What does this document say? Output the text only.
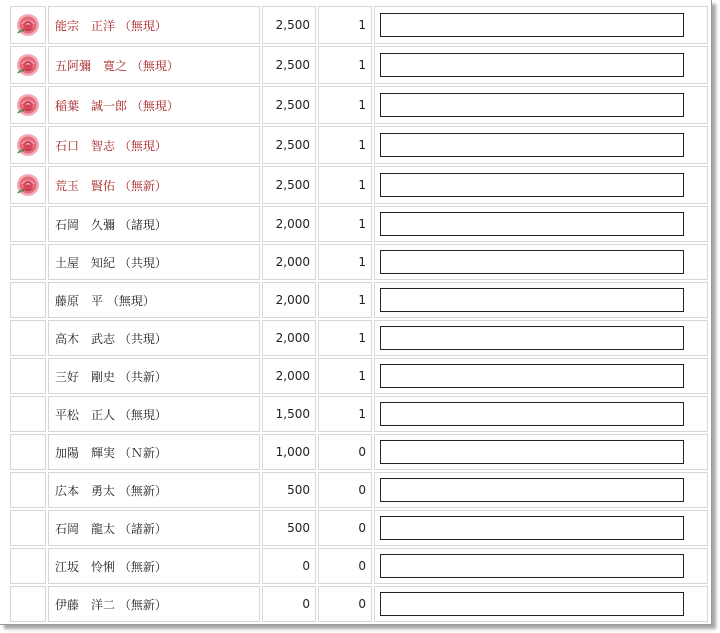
	能宗　正洋 （無現）	2,500	1	

	五阿彌　寛之 （無現）	2,500	1	

	稲葉　誠一郎 （無現）	2,500	1	

	石口　智志 （無現）	2,500	1	

	荒玉　賢佑 （無新）	2,500	1	

	石岡　久彌 （諸現）	2,000	1	

	土屋　知紀 （共現）	2,000	1	

	藤原　平 （無現）	2,000	1	

	高木　武志 （共現）	2,000	1	

	三好　剛史 （共新）	2,000	1	

	平松　正人 （無現）	1,500	1	

	加陽　輝実 （Ｎ新）	1,000	0	

	広本　勇太 （無新）	500	0	

	石岡　龍太 （諸新）	500	0	

	江坂　怜悧 （無新）	0	0	

	伊藤　洋二 （無新）	0	0	
